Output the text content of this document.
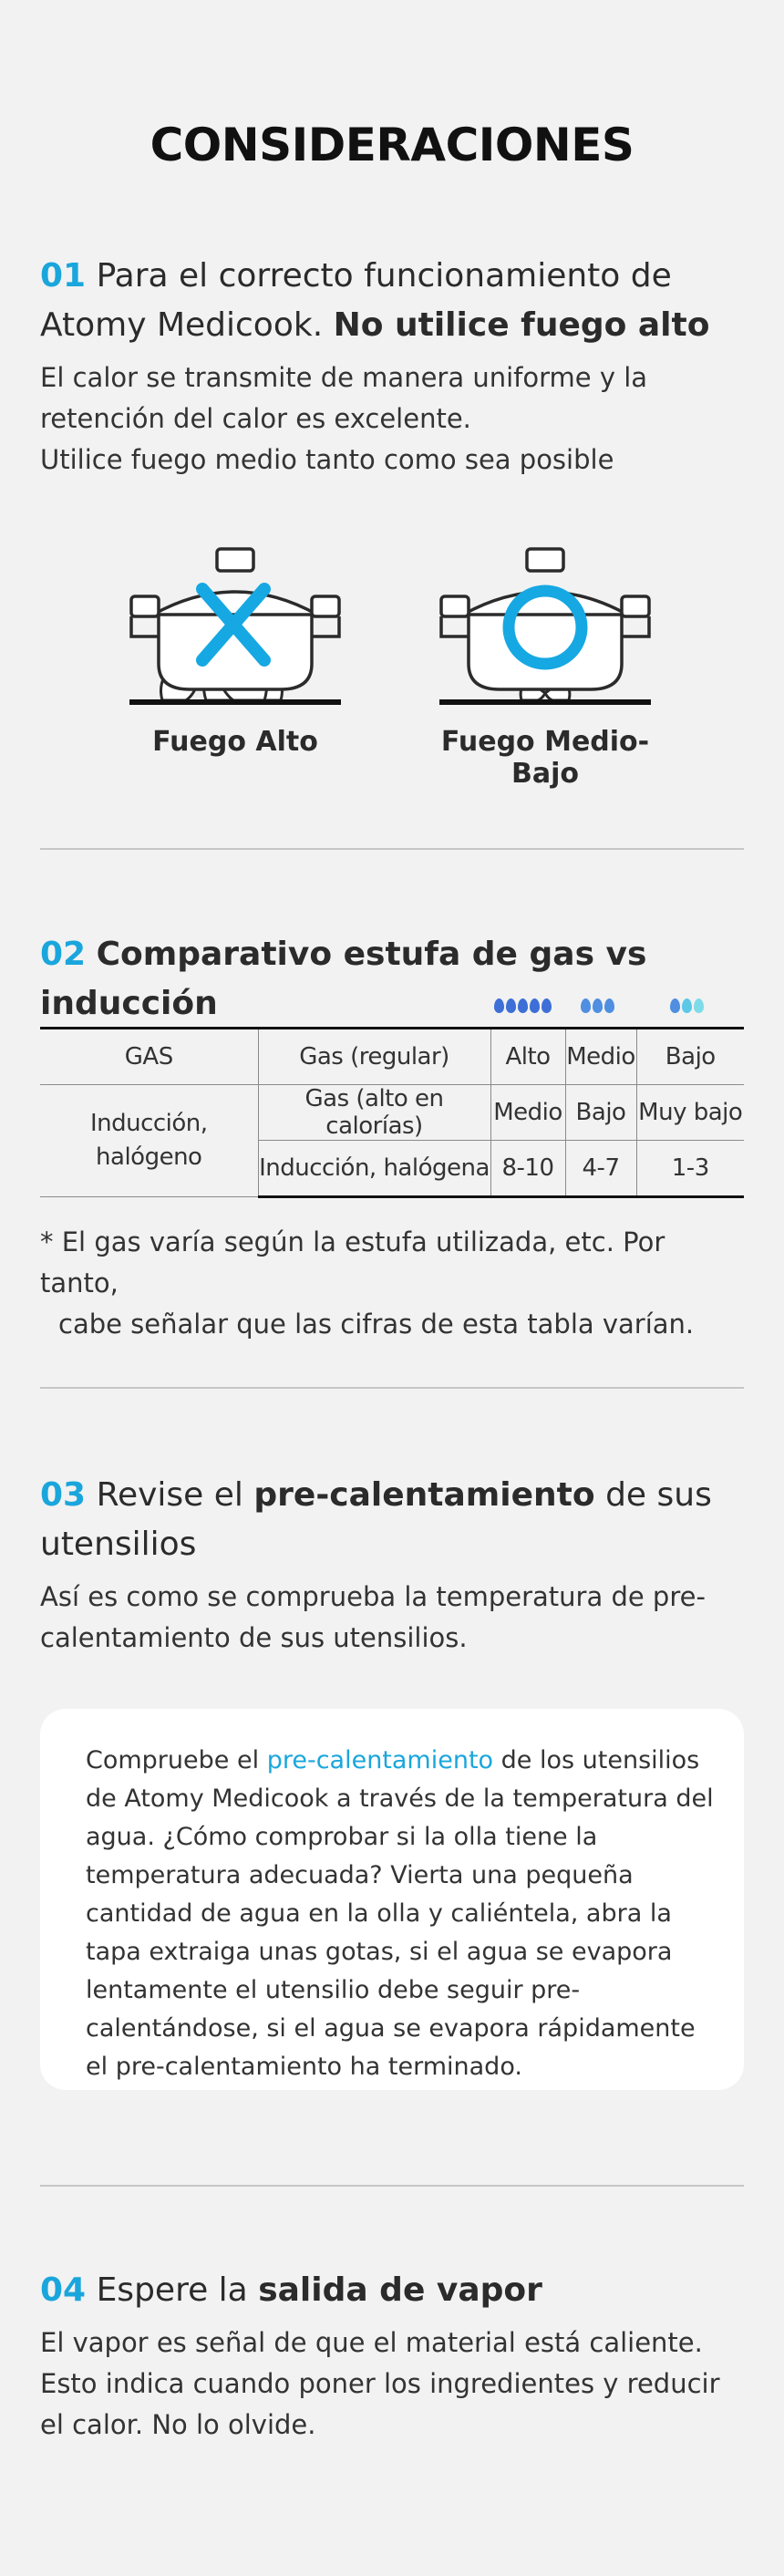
CONSIDERACIONES

01 Para el correcto funcionamiento de Atomy Medicook. No utilice fuego alto

El calor se transmite de manera uniforme y la retención del calor es excelente.

Utilice fuego medio tanto como sea posible

Fuego Alto	Fuego Medio-Bajo

02 Comparativo estufa de gas vs inducción

GAS	Gas (regular)	Alto	Medio	Bajo
Inducción, halógeno	Gas (alto en calorías)	Medio	Bajo	Muy bajo
	Inducción, halógena	8-10	4-7	1-3
* El gas varía según la estufa utilizada, etc. Por tanto,
cabe señalar que las cifras de esta tabla varían.

03 Revise el pre-calentamiento de sus utensilios

Así es como se comprueba la temperatura de pre-calentamiento de sus utensilios.

Compruebe el pre-calentamiento de los utensilios de Atomy Medicook a través de la temperatura del agua. ¿Cómo comprobar si la olla tiene la temperatura adecuada? Vierta una pequeña cantidad de agua en la olla y caliéntela, abra la tapa extraiga unas gotas, si el agua se evapora lentamente el utensilio debe seguir pre-calentándose, si el agua se evapora rápidamente el pre-calentamiento ha terminado.

04 Espere la salida de vapor

El vapor es señal de que el material está caliente.

Esto indica cuando poner los ingredientes y reducir el calor. No lo olvide.
